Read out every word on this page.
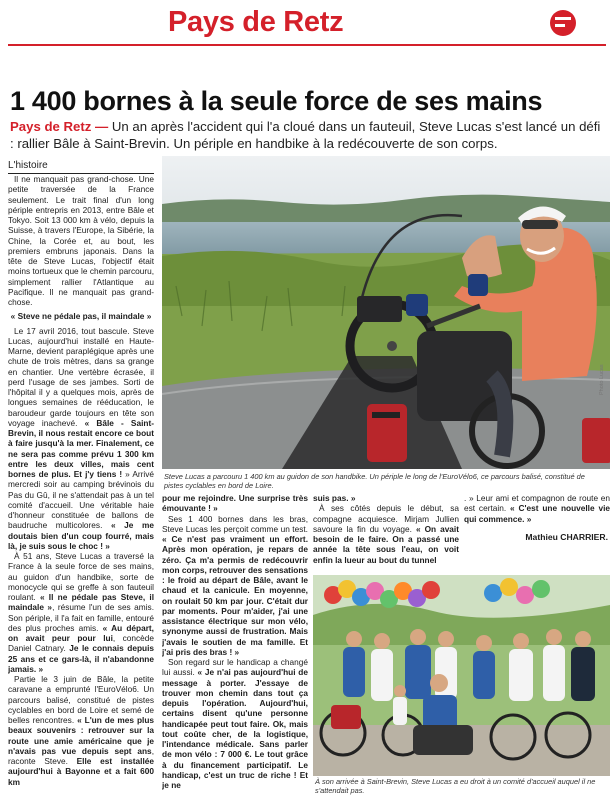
Pays de Retz
1 400 bornes à la seule force de ses mains
Pays de Retz — Un an après l'accident qui l'a cloué dans un fauteuil, Steve Lucas s'est lancé un défi : rallier Bâle à Saint-Brevin. Un périple en handbike à la redécouverte de son corps.
L'histoire

Il ne manquait pas grand-chose. Une petite traversée de la France seulement. Le trait final d'un long périple entrepris en 2013, entre Bâle et Tokyo. Soit 13 000 km à vélo, depuis la Suisse, à travers l'Europe, la Sibérie, la Chine, la Corée et, au bout, les premiers embruns japonais. Dans la tête de Steve Lucas, l'objectif était moins tortueux que le chemin parcouru, simplement rallier l'Atlantique au Pacifique. Il ne manquait pas grand-chose.

« Steve ne pédale pas, il maindale »

Le 17 avril 2016, tout bascule. Steve Lucas, aujourd'hui installé en Haute-Marne, devient paraplégique après une chute de trois mètres, dans sa grange en chantier. Une vertèbre écrasée, il perd l'usage de ses jambes. Sorti de l'hôpital il y a quelques mois, après de longues semaines de rééducation, le baroudeur garde toujours en tête son voyage inachevé. « Bâle - Saint-Brevin, il nous restait encore ce bout à faire jusqu'à la mer. Finalement, ce ne sera pas comme prévu 1 300 km entre les deux villes, mais cent bornes de plus. Et j'y tiens ! » Arrivé mercredi soir au camping brévinois du Pas du Gû, il ne s'attendait pas à un tel comité d'accueil. Une véritable haie d'honneur constituée de ballons de baudruche multicolores. « Je me doutais bien d'un coup fourré, mais là, je suis sous le choc ! »

À 51 ans, Steve Lucas a traversé la France à la seule force de ses mains, au guidon d'un handbike, sorte de monocycle qui se greffe à son fauteuil roulant. « Il ne pédale pas Steve, il maindale », résume l'un de ses amis. Son périple, il l'a fait en famille, entouré des plus proches amis. « Au départ, on avait peur pour lui, concède Daniel Catnary. Je le connais depuis 25 ans et ce gars-là, il n'abandonne jamais. »

Partie le 3 juin de Bâle, la petite caravane a emprunté l'EuroVélo6. Un parcours balisé, constitué de pistes cyclables en bord de Loire et semé de belles rencontres. « L'un de mes plus beaux souvenirs : retrouver sur la route une amie américaine que je n'avais pas vue depuis sept ans, raconte Steve. Elle est installée aujourd'hui à Bayonne et a fait 600 km

Photo Lucas
Steve Lucas a parcouru 1 400 km au guidon de son handbike. Un périple le long de l'EuroVélo6, ce parcours balisé, constitué de pistes cyclables en bord de Loire.

pour me rejoindre. Une surprise très émouvante ! »

Ses 1 400 bornes dans les bras, Steve Lucas les perçoit comme un test. « Ce n'est pas vraiment un effort. Après mon opération, je repars de zéro. Ça m'a permis de redécouvrir mon corps, retrouver des sensations : le froid au départ de Bâle, avant le chaud et la canicule. En moyenne, on roulait 50 km par jour. C'était dur par moments. Pour m'aider, j'ai une assistance électrique sur mon vélo, synonyme aussi de frustration. Mais j'avais le soutien de ma famille. Et j'ai pris des bras ! »

Son regard sur le handicap a changé lui aussi. « Je n'ai pas aujourd'hui de message à porter. J'essaye de trouver mon chemin dans tout ça depuis l'opération. Aujourd'hui, certains disent qu'une personne handicapée peut tout faire. Ok, mais tout coûte cher, de la logistique, l'intendance médicale. Sans parler de mon vélo : 7 000 €. Le tout grâce à du financement participatif. Le handicap, c'est un truc de riche ! Et je ne

suis pas. »

À ses côtés depuis le début, sa compagne acquiesce. Mirjam Jullien savoure la fin du voyage. « On avait besoin de le faire. On a passé une année la tête sous l'eau, on voit enfin la lueur au bout du tunnel

. » Leur ami et compagnon de route en est certain. « C'est une nouvelle vie qui commence. »

Mathieu CHARRIER.
À son arrivée à Saint-Brevin, Steve Lucas a eu droit à un comité d'accueil auquel il ne s'attendait pas.
